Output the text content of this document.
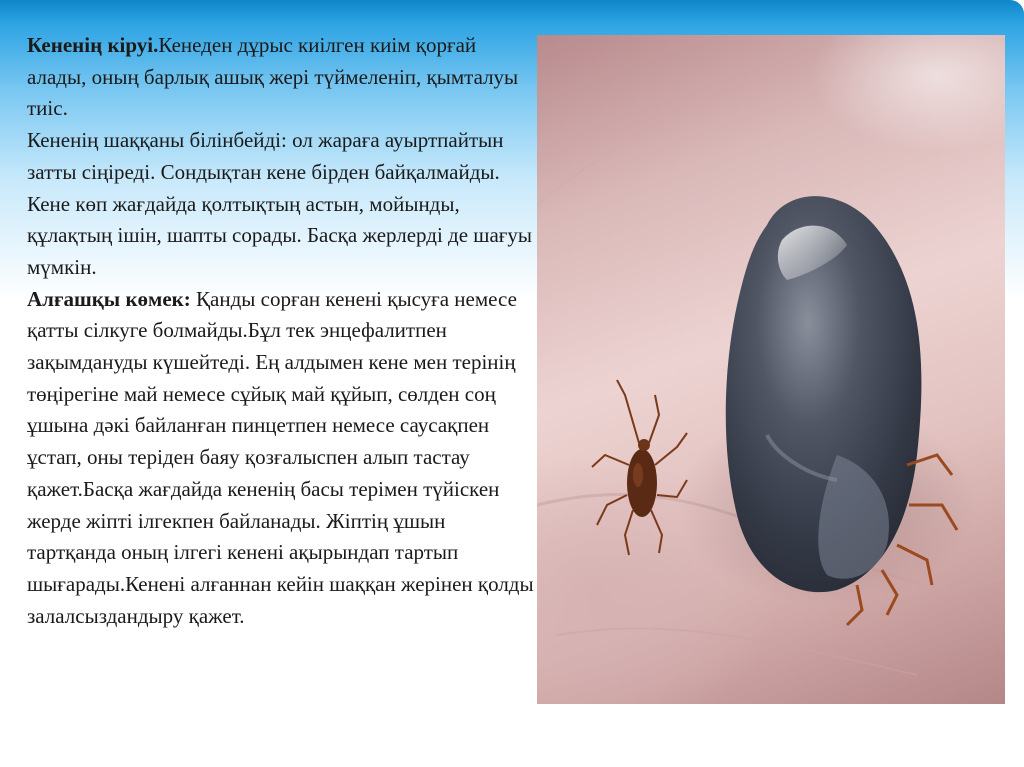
Кененің кіруі.Кенеден дұрыс киілген киім қорғай алады, оның барлық ашық жері түймеленіп, қымталуы тиіс.

Кененің шаққаны білінбейді: ол жараға ауыртпайтын затты сіңіреді. Сондықтан кене бірден байқалмайды. Кене көп жағдайда қолтықтың астын, мойынды, құлақтың ішін, шапты сорады. Басқа жерлерді де шағуы мүмкін.

Алғашқы көмек: Қанды сорған кенені қысуға немесе қатты сілкуге болмайды.Бұл тек энцефалитпен зақымдануды күшейтеді. Ең алдымен кене мен терінің төңірегіне май немесе сұйық май құйып, сөлден соң ұшына дәкі байланған пинцетпен немесе саусақпен ұстап, оны теріден баяу қозғалыспен алып тастау қажет.Басқа жағдайда кененің басы терімен түйіскен жерде жіпті ілгекпен байланады. Жіптің ұшын тартқанда оның ілгегі кенені ақырындап тартып шығарады.Кенені алғаннан кейін шаққан жерінен қолды залалсыздандыру қажет.
